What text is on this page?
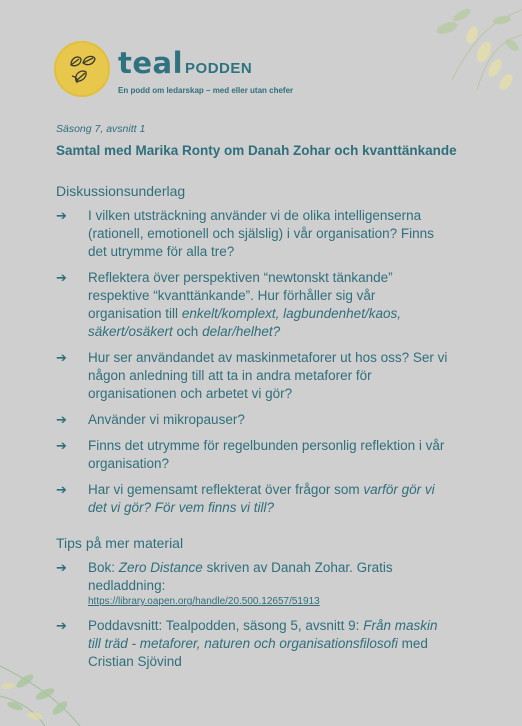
teal PODDEN
En podd om ledarskap – med eller utan chefer
Säsong 7, avsnitt 1
Samtal med Marika Ronty om Danah Zohar och kvanttänkande
Diskussionsunderlag
➔ I vilken utsträckning använder vi de olika intelligenserna (rationell, emotionell och själslig) i vår organisation? Finns det utrymme för alla tre?
➔ Reflektera över perspektiven “newtonskt tänkande” respektive “kvanttänkande”. Hur förhåller sig vår organisation till enkelt/komplext, lagbundenhet/kaos, säkert/osäkert och delar/helhet?
➔ Hur ser användandet av maskinmetaforer ut hos oss? Ser vi någon anledning till att ta in andra metaforer för organisationen och arbetet vi gör?
➔ Använder vi mikropauser?
➔ Finns det utrymme för regelbunden personlig reflektion i vår organisation?
➔ Har vi gemensamt reflekterat över frågor som varför gör vi det vi gör? För vem finns vi till?
Tips på mer material
➔ Bok: Zero Distance skriven av Danah Zohar. Gratis nedladdning:
https://library.oapen.org/handle/20.500.12657/51913
➔ Poddavsnitt: Tealpodden, säsong 5, avsnitt 9: Från maskin till träd - metaforer, naturen och organisationsfilosofi med Cristian Sjövind
